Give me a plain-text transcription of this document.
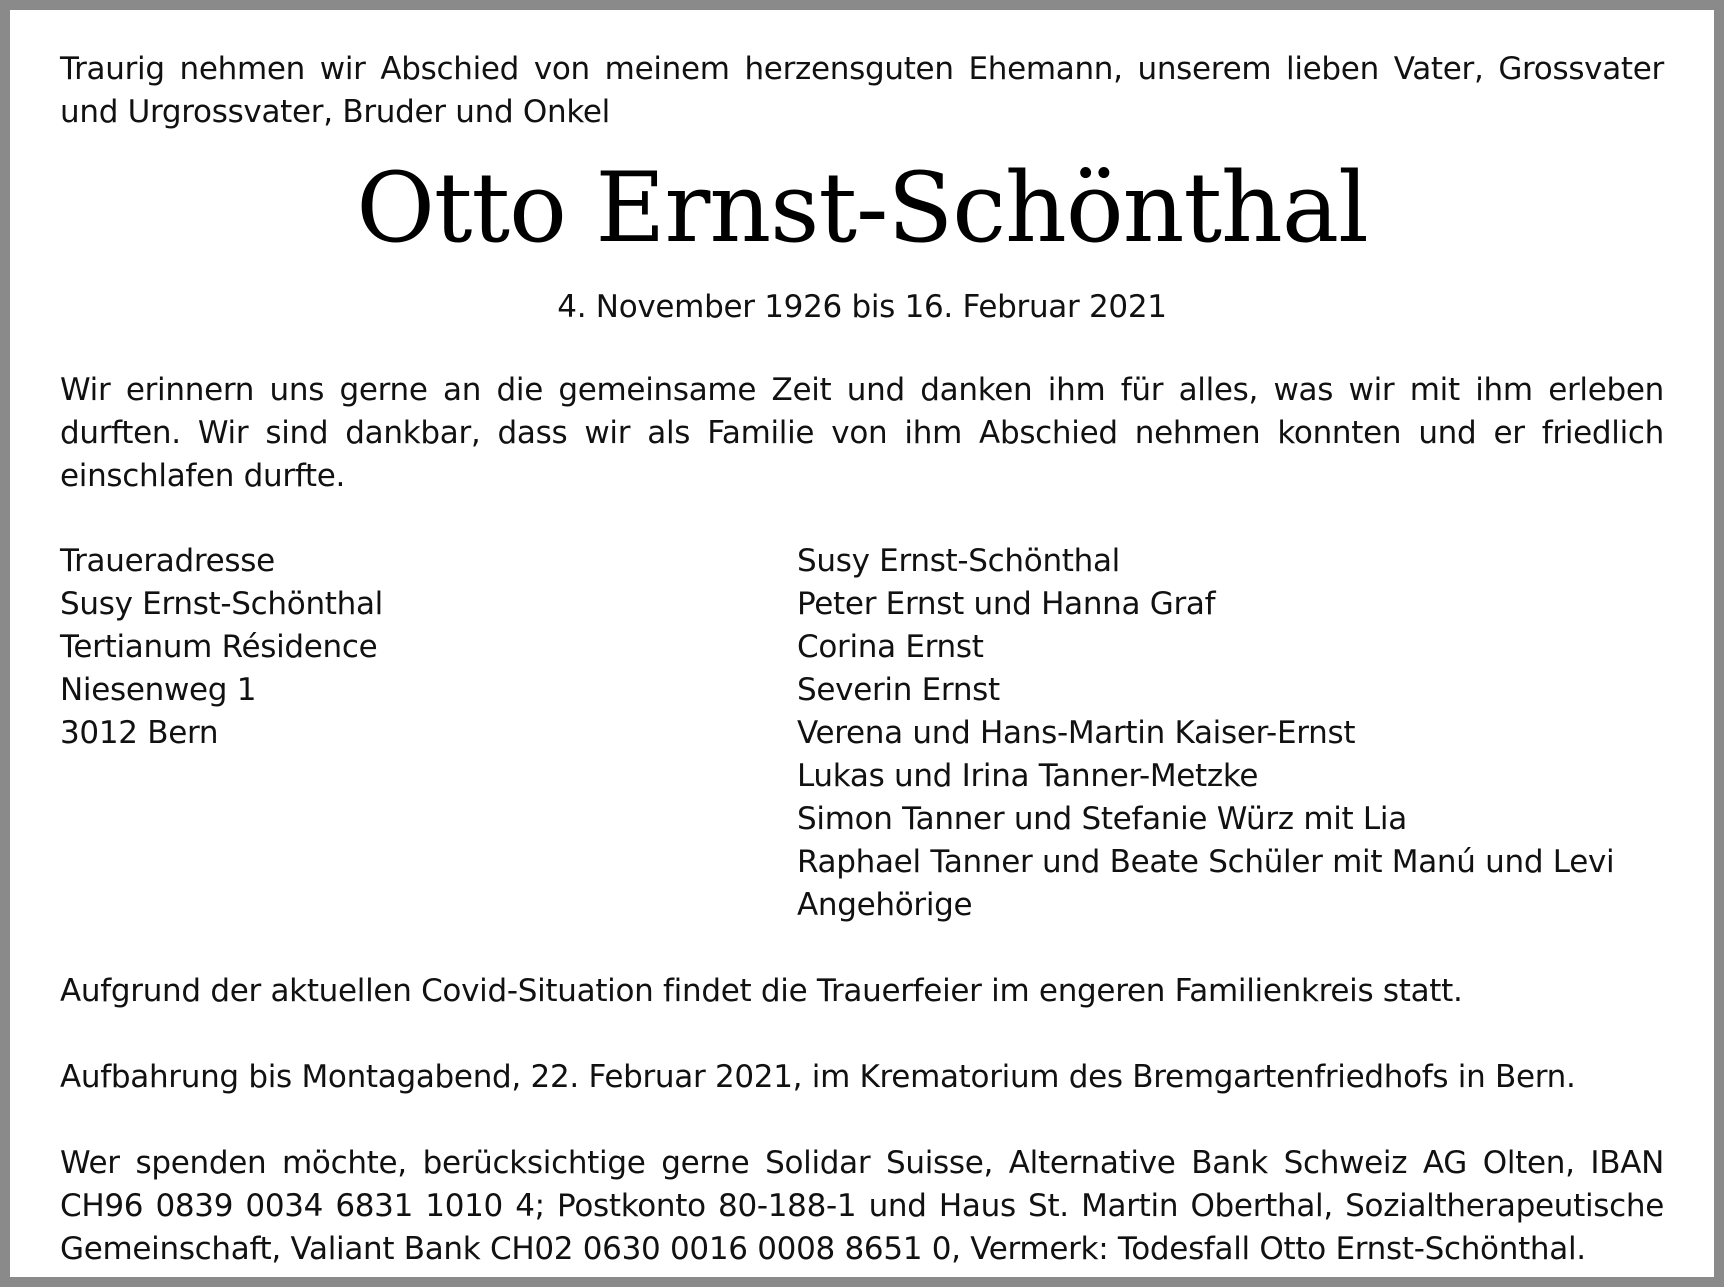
Traurig nehmen wir Abschied von meinem herzensguten Ehemann, unserem lieben Vater, Grossvater und Urgrossvater, Bruder und Onkel

Otto Ernst-Schönthal

4. November 1926 bis 16. Februar 2021

Wir erinnern uns gerne an die gemeinsame Zeit und danken ihm für alles, was wir mit ihm erleben durften. Wir sind dankbar, dass wir als Familie von ihm Abschied nehmen konnten und er friedlich einschlafen durfte.

Traueradresse
Susy Ernst-Schönthal
Tertianum Résidence
Niesenweg 1
3012 Bern
Susy Ernst-Schönthal
Peter Ernst und Hanna Graf
Corina Ernst
Severin Ernst
Verena und Hans-Martin Kaiser-Ernst
Lukas und Irina Tanner-Metzke
Simon Tanner und Stefanie Würz mit Lia
Raphael Tanner und Beate Schüler mit Manú und Levi
Angehörige

Aufgrund der aktuellen Covid-Situation findet die Trauerfeier im engeren Familienkreis statt.

Aufbahrung bis Montagabend, 22. Februar 2021, im Krematorium des Bremgartenfriedhofs in Bern.

Wer spenden möchte, berücksichtige gerne Solidar Suisse, Alternative Bank Schweiz AG Olten, IBAN CH96 0839 0034 6831 1010 4; Postkonto 80-188-1 und Haus St. Martin Oberthal, Sozialtherapeutische Gemeinschaft, Valiant Bank CH02 0630 0016 0008 8651 0, Vermerk: Todesfall Otto Ernst-Schönthal.
